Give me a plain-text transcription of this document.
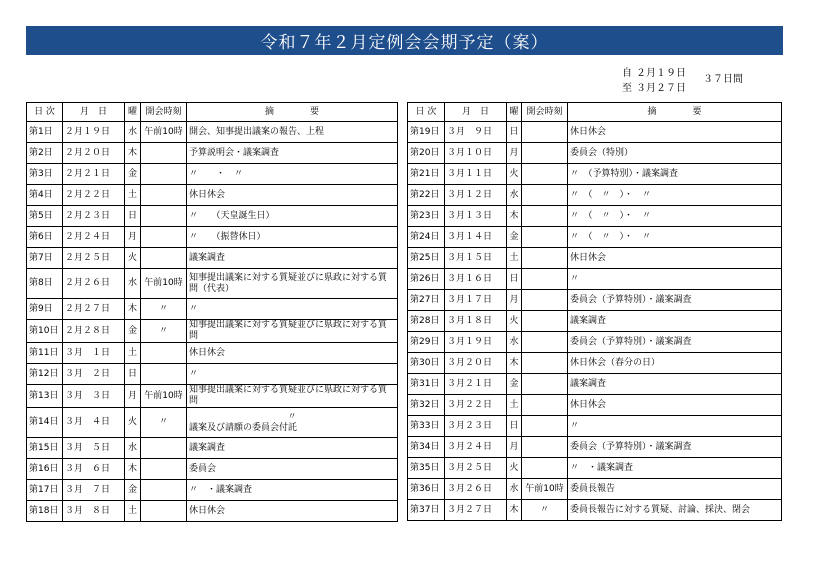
令和７年２月定例会会期予定（案）
自 ２月１９日
至 ３月２７日
３７日間
日 次	月　日	曜	開会時刻	摘　　　　要
第1日	２月１９日	水	午前10時	開会、知事提出議案の報告、上程
第2日	２月２０日	木		予算説明会・議案調査
第3日	２月２１日	金		〃　　・　〃
第4日	２月２２日	土		休日休会
第5日	２月２３日	日		〃　　（天皇誕生日）
第6日	２月２４日	月		〃　　（振替休日）
第7日	２月２５日	火		議案調査
第8日	２月２６日	水	午前10時	知事提出議案に対する質疑並びに県政に対する質問（代表）
第9日	２月２７日	木	〃	〃
第10日	２月２８日	金	〃	知事提出議案に対する質疑並びに県政に対する質問
第11日	３月　１日	土		休日休会
第12日	３月　２日	日		〃
第13日	３月　３日	月	午前10時	知事提出議案に対する質疑並びに県政に対する質問
第14日	３月　４日	火	〃	〃
議案及び請願の委員会付託

第15日	３月　５日	水		議案調査
第16日	３月　６日	木		委員会
第17日	３月　７日	金		〃　・議案調査
第18日	３月　８日	土		休日休会
日 次	月　日	曜	開会時刻	摘　　　　要
第19日	３月　９日	日		休日休会
第20日	３月１０日	月		委員会（特別）
第21日	３月１１日	火		〃　（予算特別）・議案調査
第22日	３月１２日	水		〃　（　〃　）・　〃
第23日	３月１３日	木		〃　（　〃　）・　〃
第24日	３月１４日	金		〃　（　〃　）・　〃
第25日	３月１５日	土		休日休会
第26日	３月１６日	日		〃
第27日	３月１７日	月		委員会（予算特別）・議案調査
第28日	３月１８日	火		議案調査
第29日	３月１９日	水		委員会（予算特別）・議案調査
第30日	３月２０日	木		休日休会（春分の日）
第31日	３月２１日	金		議案調査
第32日	３月２２日	土		休日休会
第33日	３月２３日	日		〃
第34日	３月２４日	月		委員会（予算特別）・議案調査
第35日	３月２５日	火		〃　・議案調査
第36日	３月２６日	水	午前10時	委員長報告
第37日	３月２７日	木	〃	委員長報告に対する質疑、討論、採決、閉会
